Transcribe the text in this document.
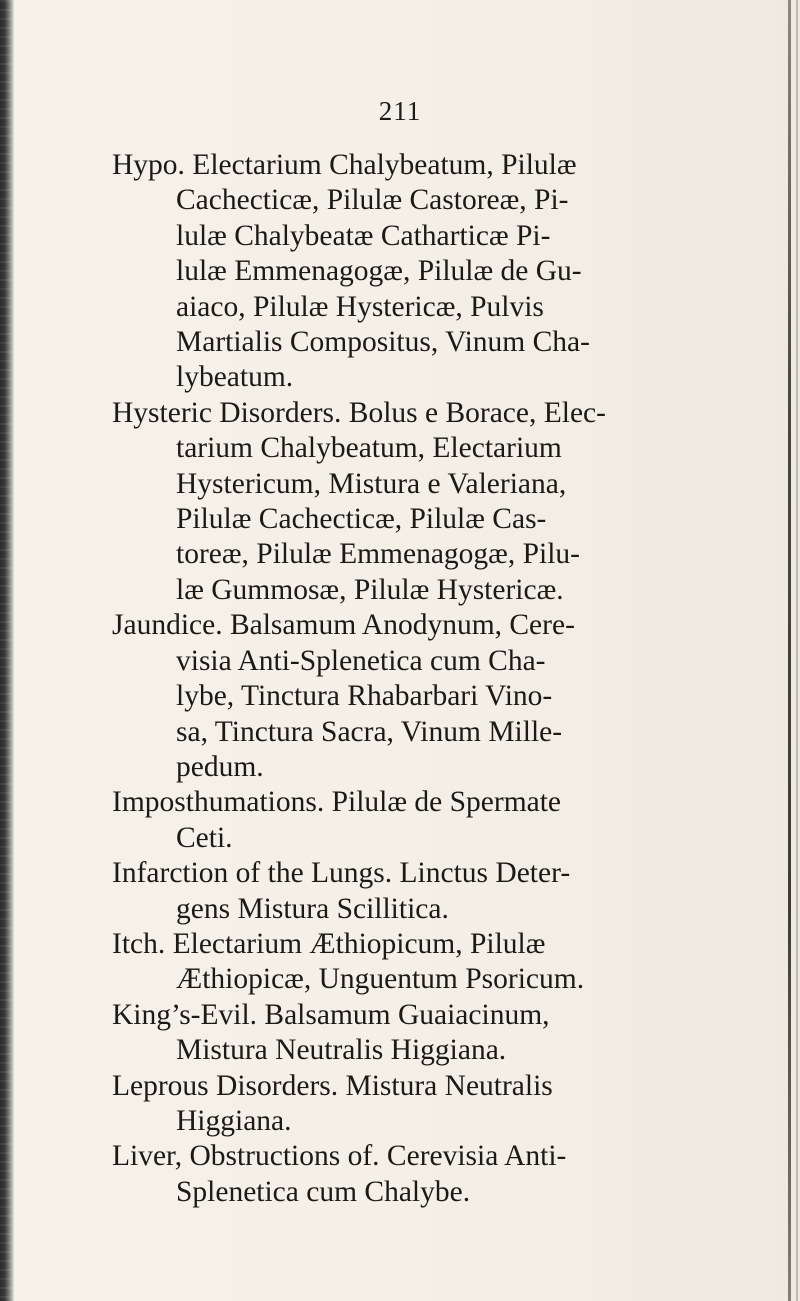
211
Hypo. Electarium Chalybeatum, Pilulæ
Cachecticæ, Pilulæ Castoreæ, Pi-
lulæ Chalybeatæ Catharticæ Pi-
lulæ Emmenagogæ, Pilulæ de Gu-
aiaco, Pilulæ Hystericæ, Pulvis
Martialis Compositus, Vinum Cha-
lybeatum.
Hysteric Disorders. Bolus e Borace, Elec-
tarium Chalybeatum, Electarium
Hystericum, Mistura e Valeriana,
Pilulæ Cachecticæ, Pilulæ Cas-
toreæ, Pilulæ Emmenagogæ, Pilu-
læ Gummosæ, Pilulæ Hystericæ.
Jaundice. Balsamum Anodynum, Cere-
visia Anti-Splenetica cum Cha-
lybe, Tinctura Rhabarbari Vino-
sa, Tinctura Sacra, Vinum Mille-
pedum.
Imposthumations. Pilulæ de Spermate
Ceti.
Infarction of the Lungs. Linctus Deter-
gens Mistura Scillitica.
Itch. Electarium Æthiopicum, Pilulæ
Æthiopicæ, Unguentum Psoricum.
King’s-Evil. Balsamum Guaiacinum,
Mistura Neutralis Higgiana.
Leprous Disorders. Mistura Neutralis
Higgiana.
Liver, Obstructions of. Cerevisia Anti-
Splenetica cum Chalybe.
